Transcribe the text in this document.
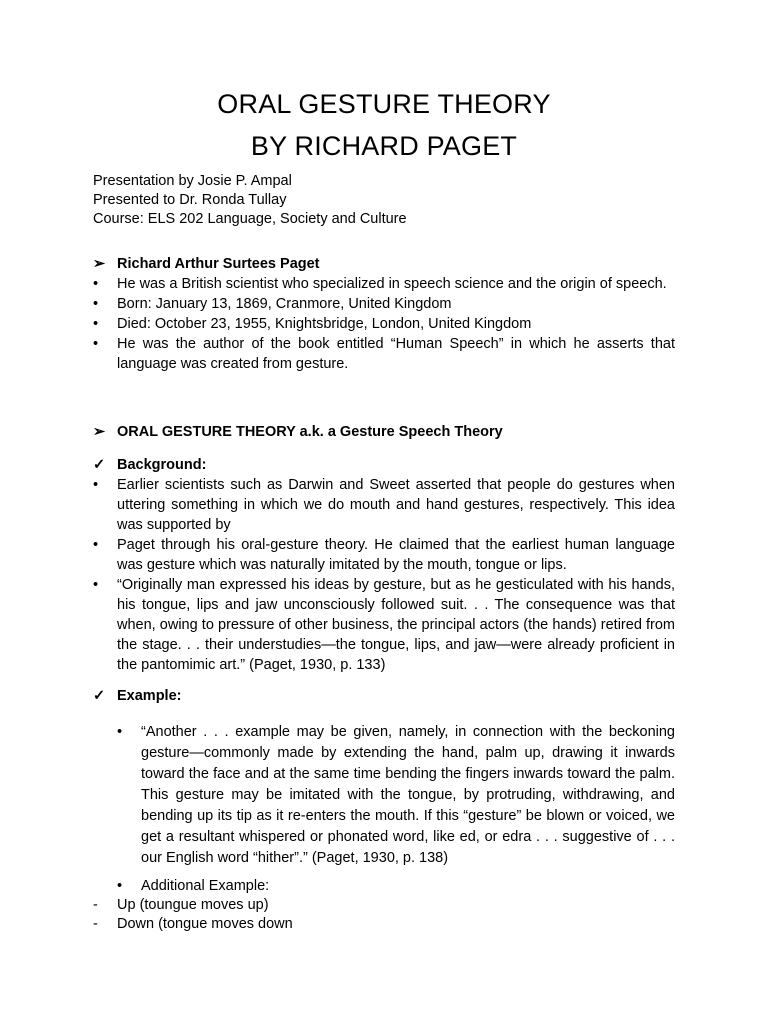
ORAL GESTURE THEORY
BY RICHARD PAGET
Presentation by Josie P. Ampal
Presented to Dr. Ronda Tullay
Course: ELS 202 Language, Society and Culture
➢ Richard Arthur Surtees Paget
•	He was a British scientist who specialized in speech science and the origin of speech.
•	Born: January 13, 1869, Cranmore, United Kingdom
•	Died: October 23, 1955, Knightsbridge, London, United Kingdom
•	He was the author of the book entitled “Human Speech” in which he asserts that language was created from gesture.
➢ ORAL GESTURE THEORY a.k. a Gesture Speech Theory
✓ Background:
•	Earlier scientists such as Darwin and Sweet asserted that people do gestures when uttering something in which we do mouth and hand gestures, respectively. This idea was supported by
•	Paget through his oral-gesture theory. He claimed that the earliest human language was gesture which was naturally imitated by the mouth, tongue or lips.
•	“Originally man expressed his ideas by gesture, but as he gesticulated with his hands, his tongue, lips and jaw unconsciously followed suit. . . The consequence was that when, owing to pressure of other business, the principal actors (the hands) retired from the stage. . . their understudies—the tongue, lips, and jaw—were already proficient in the pantomimic art.” (Paget, 1930, p. 133)
✓ Example:
•	“Another . . . example may be given, namely, in connection with the beckoning gesture—commonly made by extending the hand, palm up, drawing it inwards toward the face and at the same time bending the fingers inwards toward the palm. This gesture may be imitated with the tongue, by protruding, withdrawing, and bending up its tip as it re-enters the mouth. If this “gesture” be blown or voiced, we get a resultant whispered or phonated word, like ed, or edra . . . suggestive of . . . our English word “hither”.” (Paget, 1930, p. 138)
•	Additional Example:
-	Up (toungue moves up)
-	Down (tongue moves down
